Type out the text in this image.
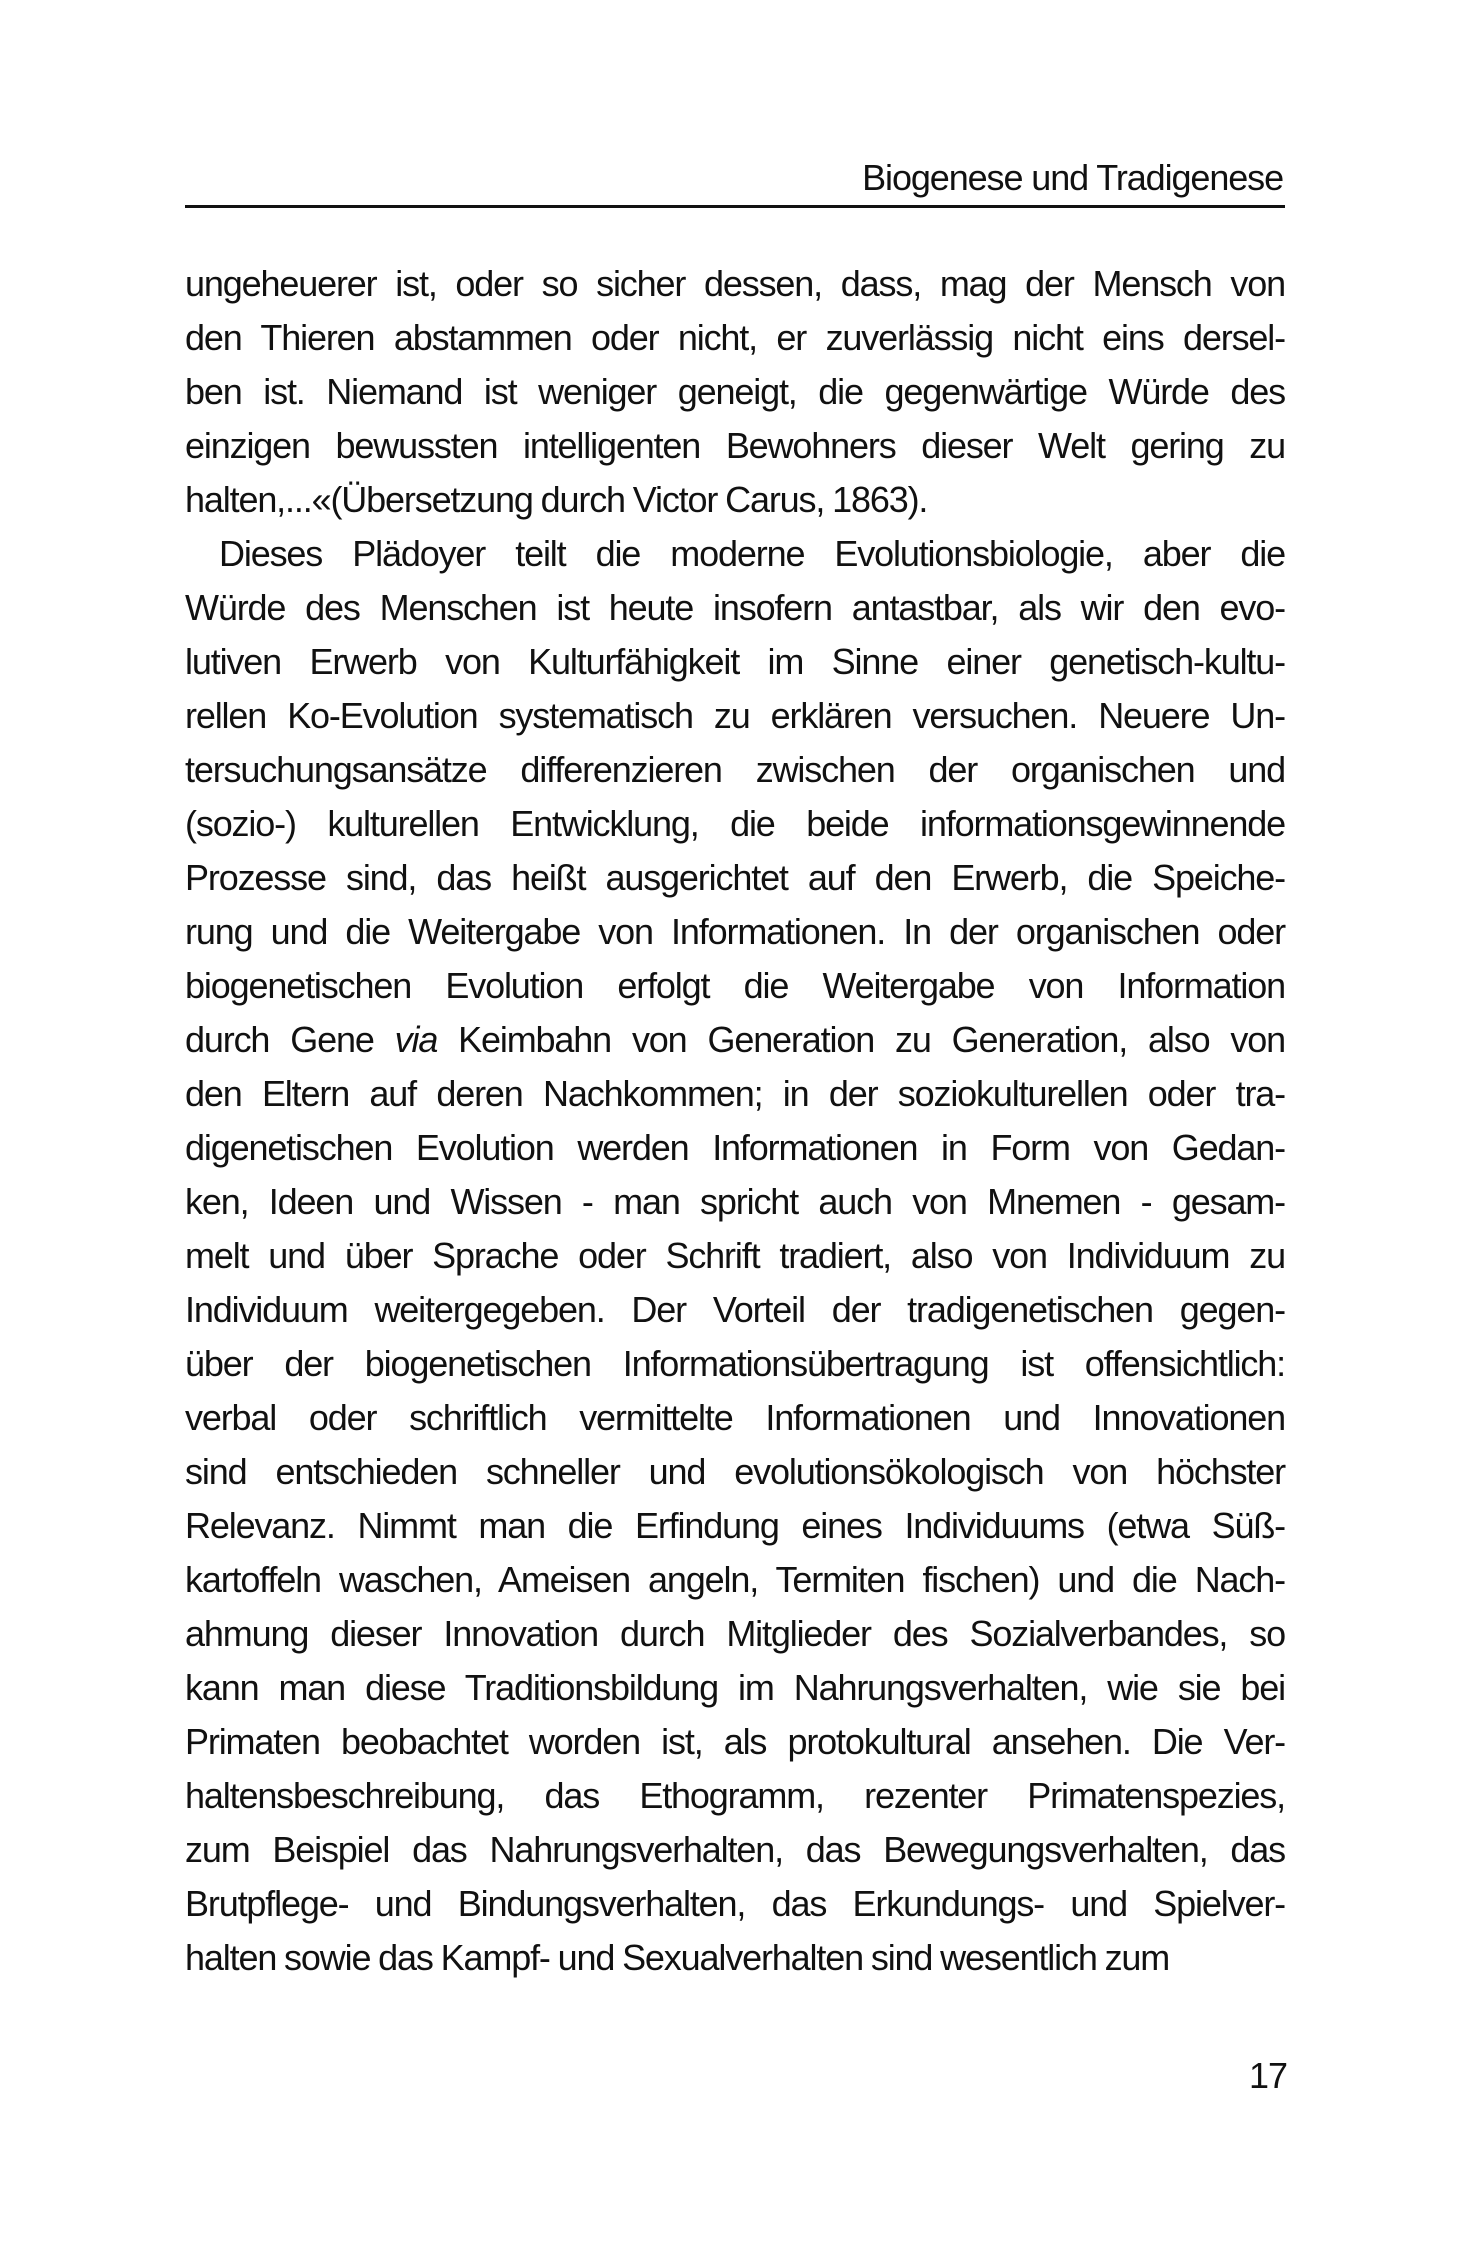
Biogenese und Tradigenese
ungeheuerer ist, oder so sicher dessen, dass, mag der Mensch von
den Thieren abstammen oder nicht, er zuverlässig nicht eins dersel-
ben ist. Niemand ist weniger geneigt, die gegenwärtige Würde des
einzigen bewussten intelligenten Bewohners dieser Welt gering zu
halten,...«(Übersetzung durch Victor Carus, 1863).
Dieses Plädoyer teilt die moderne Evolutionsbiologie, aber die
Würde des Menschen ist heute insofern antastbar, als wir den evo-
lutiven Erwerb von Kulturfähigkeit im Sinne einer genetisch-kultu-
rellen Ko-Evolution systematisch zu erklären versuchen. Neuere Un-
tersuchungsansätze differenzieren zwischen der organischen und
(sozio-) kulturellen Entwicklung, die beide informationsgewinnende
Prozesse sind, das heißt ausgerichtet auf den Erwerb, die Speiche-
rung und die Weitergabe von Informationen. In der organischen oder
biogenetischen Evolution erfolgt die Weitergabe von Information
durch Gene via Keimbahn von Generation zu Generation, also von
den Eltern auf deren Nachkommen; in der soziokulturellen oder tra-
digenetischen Evolution werden Informationen in Form von Gedan-
ken, Ideen und Wissen - man spricht auch von Mnemen - gesam-
melt und über Sprache oder Schrift tradiert, also von Individuum zu
Individuum weitergegeben. Der Vorteil der tradigenetischen gegen-
über der biogenetischen Informationsübertragung ist offensichtlich:
verbal oder schriftlich vermittelte Informationen und Innovationen
sind entschieden schneller und evolutionsökologisch von höchster
Relevanz. Nimmt man die Erfindung eines Individuums (etwa Süß-
kartoffeln waschen, Ameisen angeln, Termiten fischen) und die Nach-
ahmung dieser Innovation durch Mitglieder des Sozialverbandes, so
kann man diese Traditionsbildung im Nahrungsverhalten, wie sie bei
Primaten beobachtet worden ist, als protokultural ansehen. Die Ver-
haltensbeschreibung, das Ethogramm, rezenter Primatenspezies,
zum Beispiel das Nahrungsverhalten, das Bewegungsverhalten, das
Brutpflege- und Bindungsverhalten, das Erkundungs- und Spielver-
halten sowie das Kampf- und Sexualverhalten sind wesentlich zum
17
